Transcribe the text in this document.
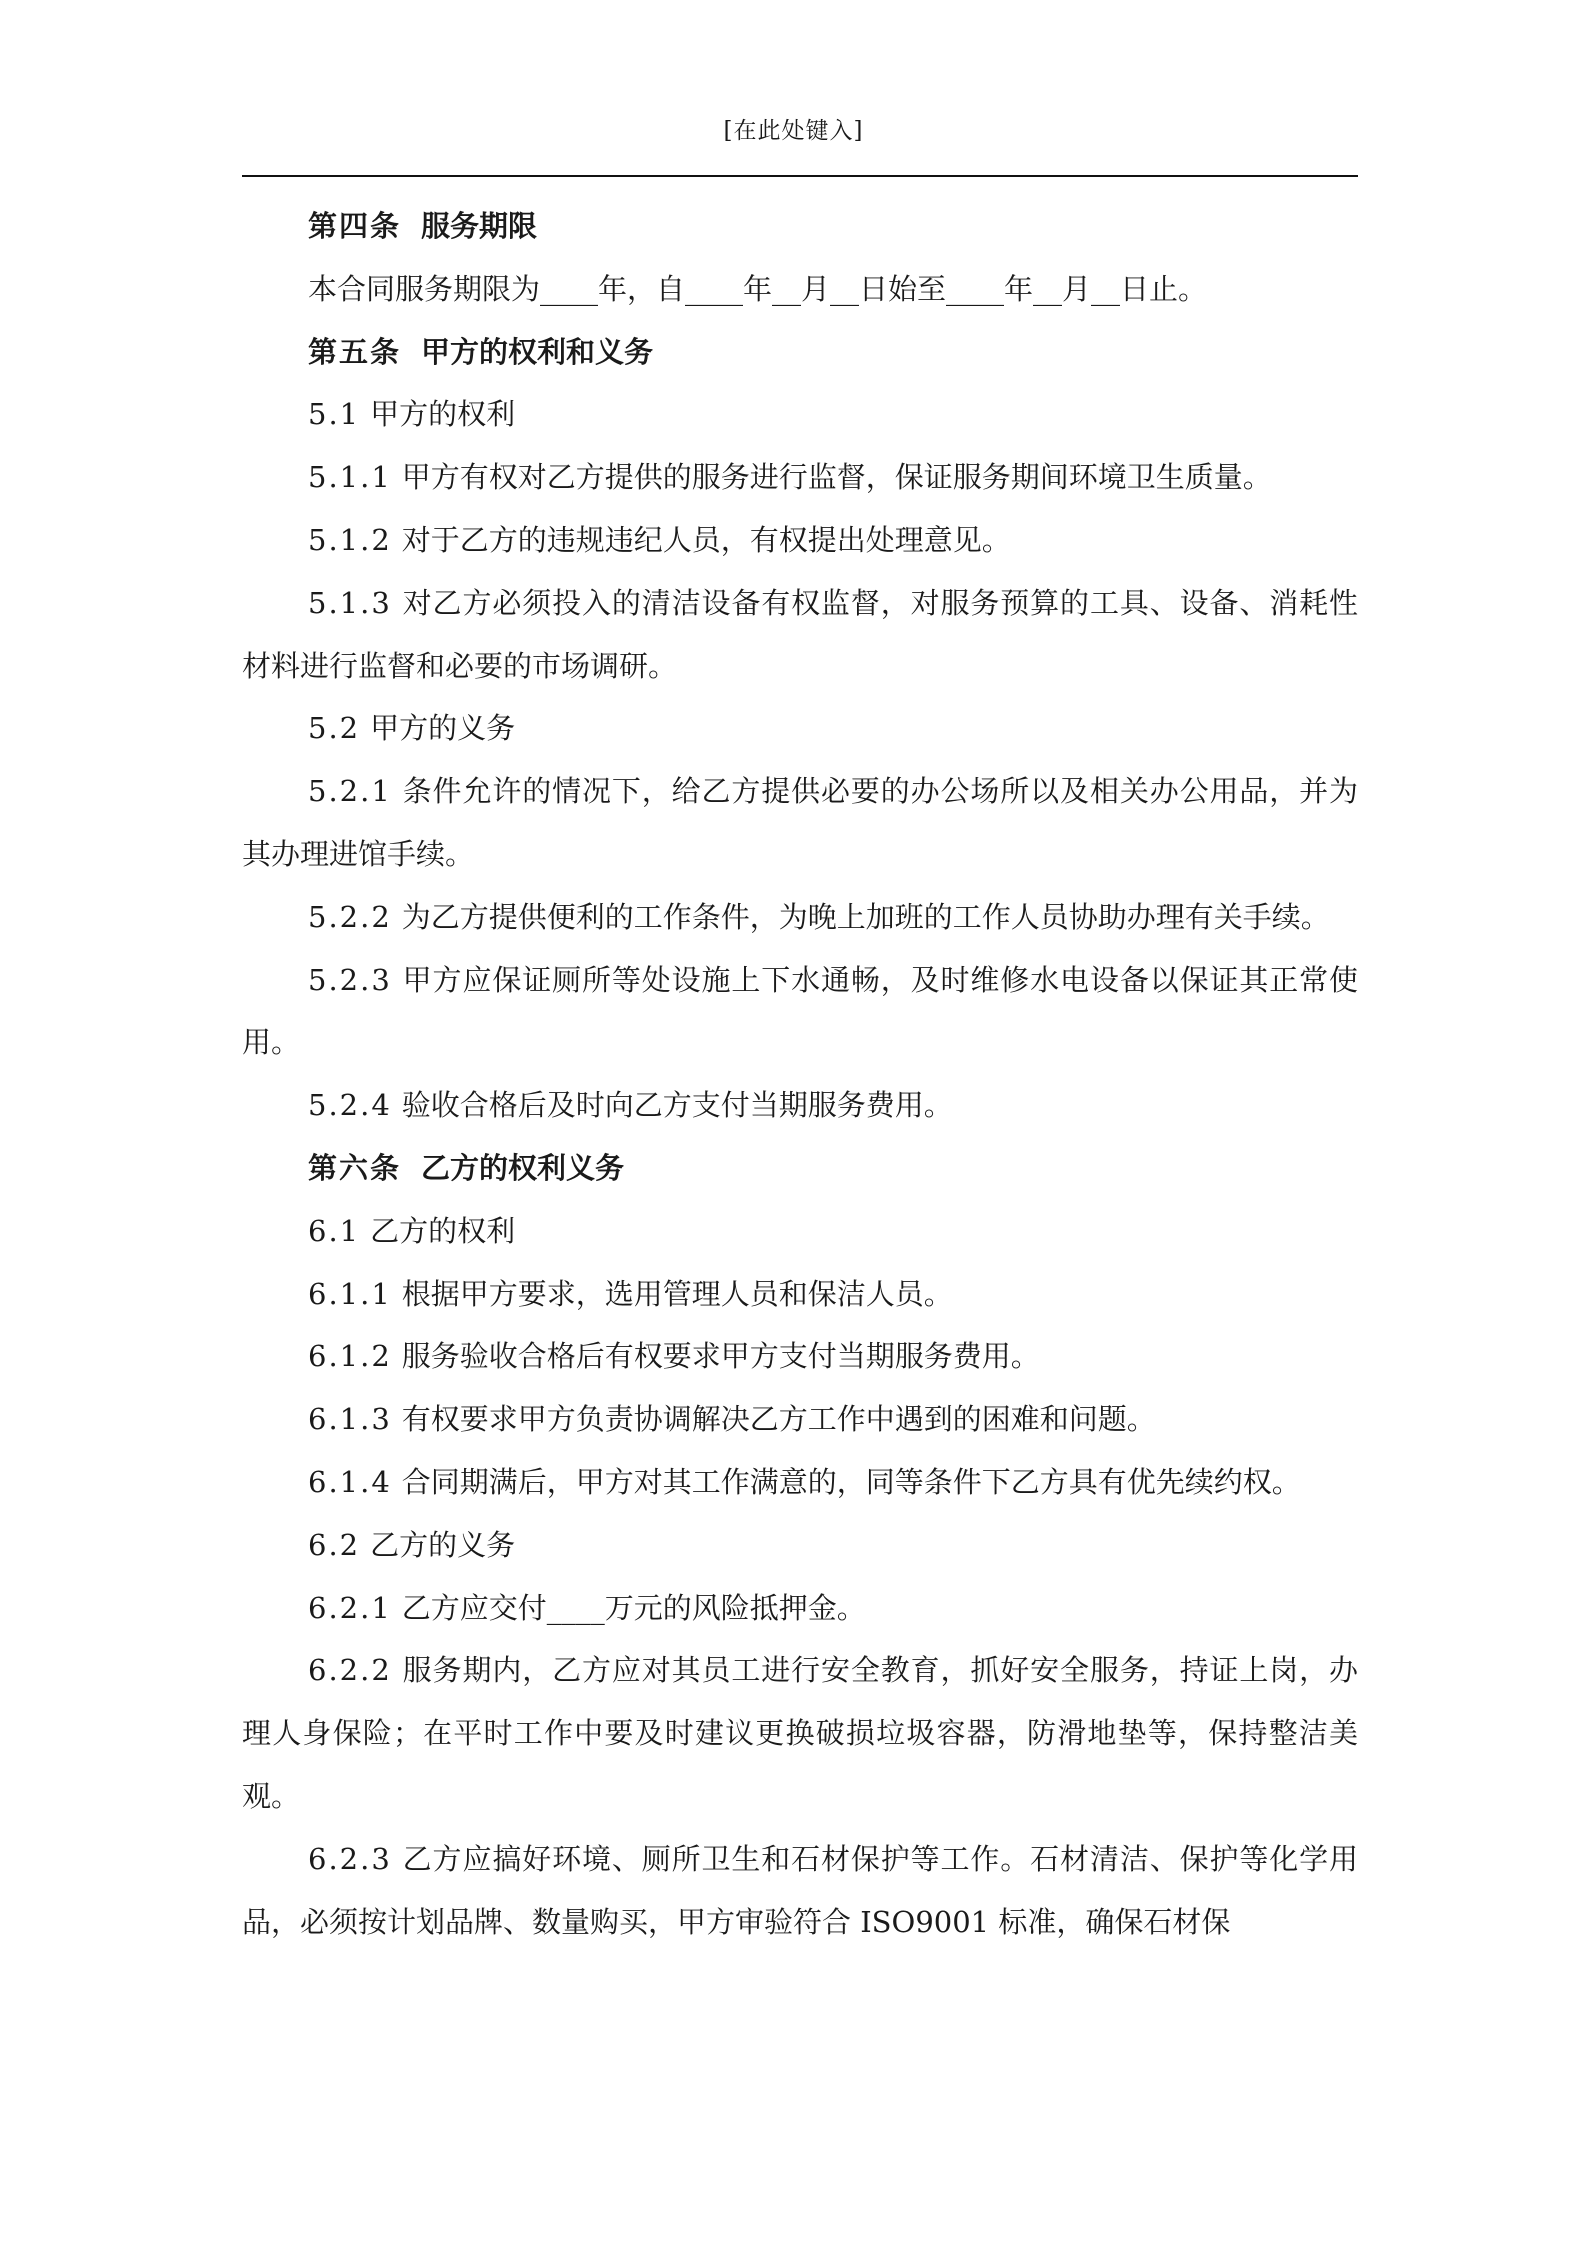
[在此处键入]

第四条 服务期限

本合同服务期限为____年，自____年__月__日始至____年__月__日止。

第五条 甲方的权利和义务

5.1 甲方的权利

5.1.1 甲方有权对乙方提供的服务进行监督，保证服务期间环境卫生质量。

5.1.2 对于乙方的违规违纪人员，有权提出处理意见。

5.1.3 对乙方必须投入的清洁设备有权监督，对服务预算的工具、设备、消耗性材料进行监督和必要的市场调研。

5.2 甲方的义务

5.2.1 条件允许的情况下，给乙方提供必要的办公场所以及相关办公用品，并为其办理进馆手续。

5.2.2 为乙方提供便利的工作条件，为晚上加班的工作人员协助办理有关手续。

5.2.3 甲方应保证厕所等处设施上下水通畅，及时维修水电设备以保证其正常使用。

5.2.4 验收合格后及时向乙方支付当期服务费用。

第六条 乙方的权利义务

6.1 乙方的权利

6.1.1 根据甲方要求，选用管理人员和保洁人员。

6.1.2 服务验收合格后有权要求甲方支付当期服务费用。

6.1.3 有权要求甲方负责协调解决乙方工作中遇到的困难和问题。

6.1.4 合同期满后，甲方对其工作满意的，同等条件下乙方具有优先续约权。

6.2 乙方的义务

6.2.1 乙方应交付____万元的风险抵押金。

6.2.2 服务期内，乙方应对其员工进行安全教育，抓好安全服务，持证上岗，办理人身保险；在平时工作中要及时建议更换破损垃圾容器，防滑地垫等，保持整洁美观。

6.2.3 乙方应搞好环境、厕所卫生和石材保护等工作。石材清洁、保护等化学用品，必须按计划品牌、数量购买，甲方审验符合 ISO9001 标准，确保石材保
